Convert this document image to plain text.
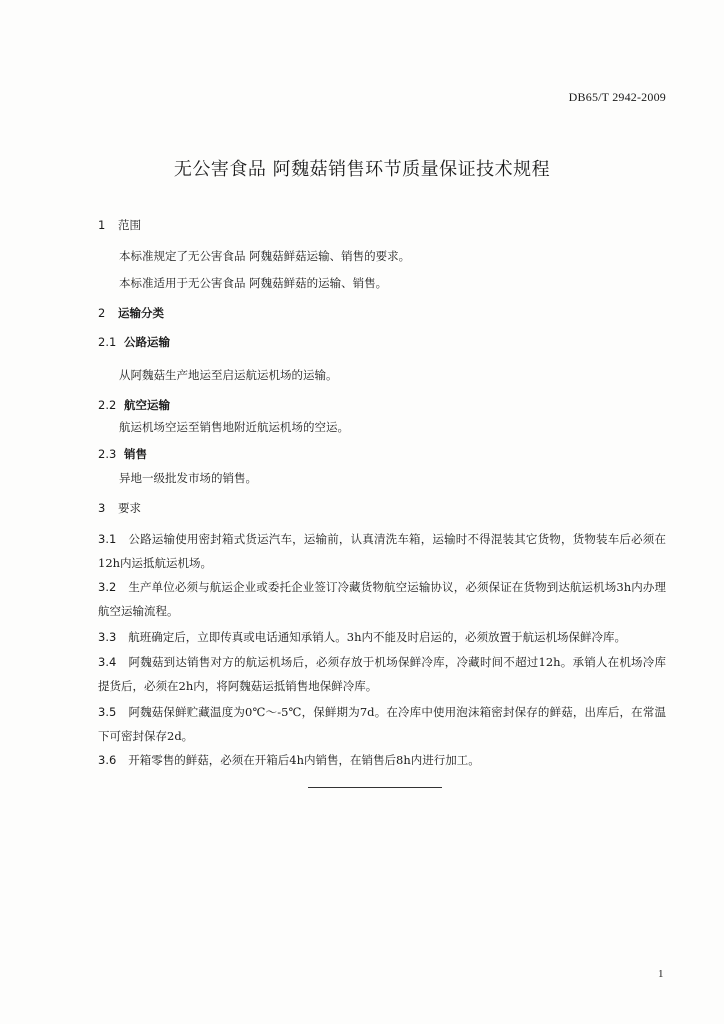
DB65/T 2942-2009
无公害食品 阿魏菇销售环节质量保证技术规程
1 范围
本标准规定了无公害食品 阿魏菇鲜菇运输、销售的要求。
本标准适用于无公害食品 阿魏菇鲜菇的运输、销售。
2 运输分类
2.1 公路运输
从阿魏菇生产地运至启运航运机场的运输。
2.2 航空运输
航运机场空运至销售地附近航运机场的空运。
2.3 销售
异地一级批发市场的销售。
3 要求
3.1 公路运输使用密封箱式货运汽车，运输前，认真清洗车箱，运输时不得混装其它货物，货物装车后必须在12h内运抵航运机场。
3.2 生产单位必须与航运企业或委托企业签订冷藏货物航空运输协议，必须保证在货物到达航运机场3h内办理航空运输流程。
3.3 航班确定后，立即传真或电话通知承销人。3h内不能及时启运的，必须放置于航运机场保鲜冷库。
3.4 阿魏菇到达销售对方的航运机场后，必须存放于机场保鲜冷库，冷藏时间不超过12h。承销人在机场冷库提货后，必须在2h内，将阿魏菇运抵销售地保鲜冷库。
3.5 阿魏菇保鲜贮藏温度为0℃～-5℃，保鲜期为7d。在冷库中使用泡沫箱密封保存的鲜菇，出库后，在常温下可密封保存2d。
3.6 开箱零售的鲜菇，必须在开箱后4h内销售，在销售后8h内进行加工。
1
